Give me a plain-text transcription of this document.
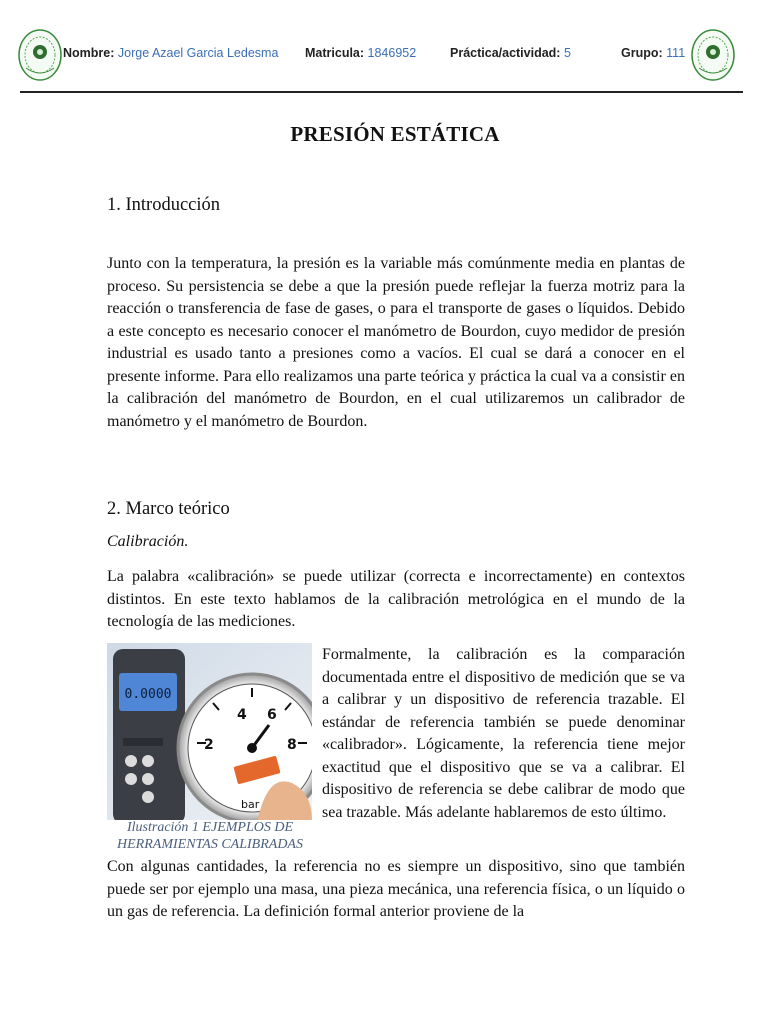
Nombre: Jorge Azael Garcia Ledesma Matricula: 1846952	Práctica/actividad: 5	Grupo: 111
PRESIÓN ESTÁTICA
1. Introducción

Junto con la temperatura, la presión es la variable más comúnmente media en plantas de proceso. Su persistencia se debe a que la presión puede reflejar la fuerza motriz para la reacción o transferencia de fase de gases, o para el transporte de gases o líquidos. Debido a este concepto es necesario conocer el manómetro de Bourdon, cuyo medidor de presión industrial es usado tanto a presiones como a vacíos. El cual se dará a conocer en el presente informe. Para ello realizamos una parte teórica y práctica la cual va a consistir en la calibración del manómetro de Bourdon, en el cual utilizaremos un calibrador de manómetro y el manómetro de Bourdon.

2. Marco teórico
Calibración.

La palabra «calibración» se puede utilizar (correcta e incorrectamente) en contextos distintos. En este texto hablamos de la calibración metrológica en el mundo de la tecnología de las mediciones.

0.0000
4 6
2	8
bar
Ilustración 1 EJEMPLOS DE HERRAMIENTAS CALIBRADAS

Formalmente, la calibración es la comparación documentada entre el dispositivo de medición que se va a calibrar y un dispositivo de referencia trazable. El estándar de referencia también se puede denominar «calibrador». Lógicamente, la referencia tiene mejor exactitud que el dispositivo que se va a calibrar. El dispositivo de referencia se debe calibrar de modo que sea trazable. Más adelante hablaremos de esto último.

Con algunas cantidades, la referencia no es siempre un dispositivo, sino que también puede ser por ejemplo una masa, una pieza mecánica, una referencia física, o un líquido o un gas de referencia. La definición formal anterior proviene de la
